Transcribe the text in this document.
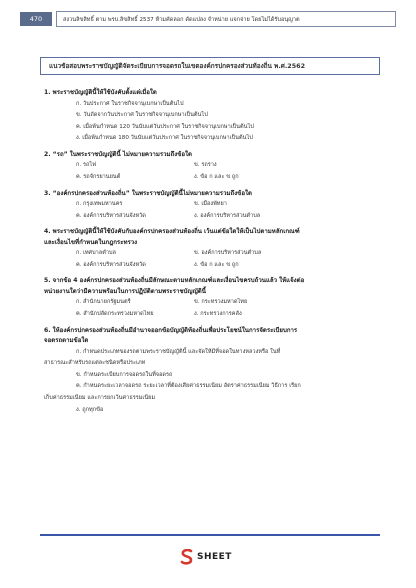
470	สงวนลิขสิทธิ์ ตาม พรบ.ลิขสิทธิ์ 2537 ห้ามคัดลอก ดัดแปลง จำหน่าย แจกจ่าย โดยไม่ได้รับอนุญาต
แนวข้อสอบพระราชบัญญัติจัดระเบียบการจอดรถในเขตองค์กรปกครองส่วนท้องถิ่น พ.ศ.2562
1. พระราชบัญญัตินี้ให้ใช้บังคับตั้งแต่เมื่อใด
ก. วันประกาศ ในราชกิจจานุเบกษาเป็นต้นไป
ข. วันถัดจากวันประกาศ ในราชกิจจานุเบกษาเป็นต้นไป
ค. เมื่อพ้นกำหนด 120 วันนับแต่วันประกาศ ในราชกิจจานุเบกษาเป็นต้นไป
ง. เมื่อพ้นกำหนด 180 วันนับแต่วันประกาศ ในราชกิจจานุเบกษาเป็นต้นไป
2. “รถ” ในพระราชบัญญัตินี้ ไม่หมายความรวมถึงข้อใด
ก. รถไฟ	ข. รถราง
ค. รถจักรยานยนต์	ง. ข้อ ก และ ข ถูก
3. “องค์กรปกครองส่วนท้องถิ่น” ในพระราชบัญญัตินี้ไม่หมายความรวมถึงข้อใด
ก. กรุงเทพมหานคร	ข. เมืองพัทยา
ค. องค์การบริหารส่วนจังหวัด	ง. องค์การบริหารส่วนตำบล
4. พระราชบัญญัตินี้ให้ใช้บังคับกับองค์กรปกครองส่วนท้องถิ่น เว้นแต่ข้อใดให้เป็นไปตามหลักเกณฑ์
และเงื่อนไขที่กำหนดในกฎกระทรวง
ก. เทศบาลตำบล	ข. องค์การบริหารส่วนตำบล
ค. องค์การบริหารส่วนจังหวัด	ง. ข้อ ก และ ข ถูก
5. จากข้อ 4 องค์กรปกครองส่วนท้องถิ่นมีลักษณะตามหลักเกณฑ์และเงื่อนไขครบถ้วนแล้ว ให้แจ้งต่อ
หน่วยงานใดว่ามีความพร้อมในการปฏิบัติตามพระราชบัญญัตินี้
ก. สำนักนายกรัฐมนตรี	ข. กระทรวงมหาดไทย
ค. สำนักปลัดกระทรวงมหาดไทย	ง. กระทรวงการคลัง
6. ให้องค์กรปกครองส่วนท้องถิ่นมีอำนาจออกข้อบัญญัติท้องถิ่นเพื่อประโยชน์ในการจัดระเบียบการ
จอดรถตามข้อใด
ก. กำหนดประเภทของรถตามพระราชบัญญัตินี้ และจัดให้มีที่จอดในทางหลวงหรือ ในที่
สาธารณะสำหรับรถแต่ละชนิดหรือประเภท
ข. กำหนดระเบียบการจอดรถในที่จอดรถ
ค. กำหนดระยะเวลาจอดรถ ระยะเวลาที่ต้องเสียค่าธรรมเนียม อัตราค่าธรรมเนียม วิธีการ เรียก
เก็บค่าธรรมเนียม และการยกเว้นค่าธรรมเนียม
ง. ถูกทุกข้อ
SHEET
